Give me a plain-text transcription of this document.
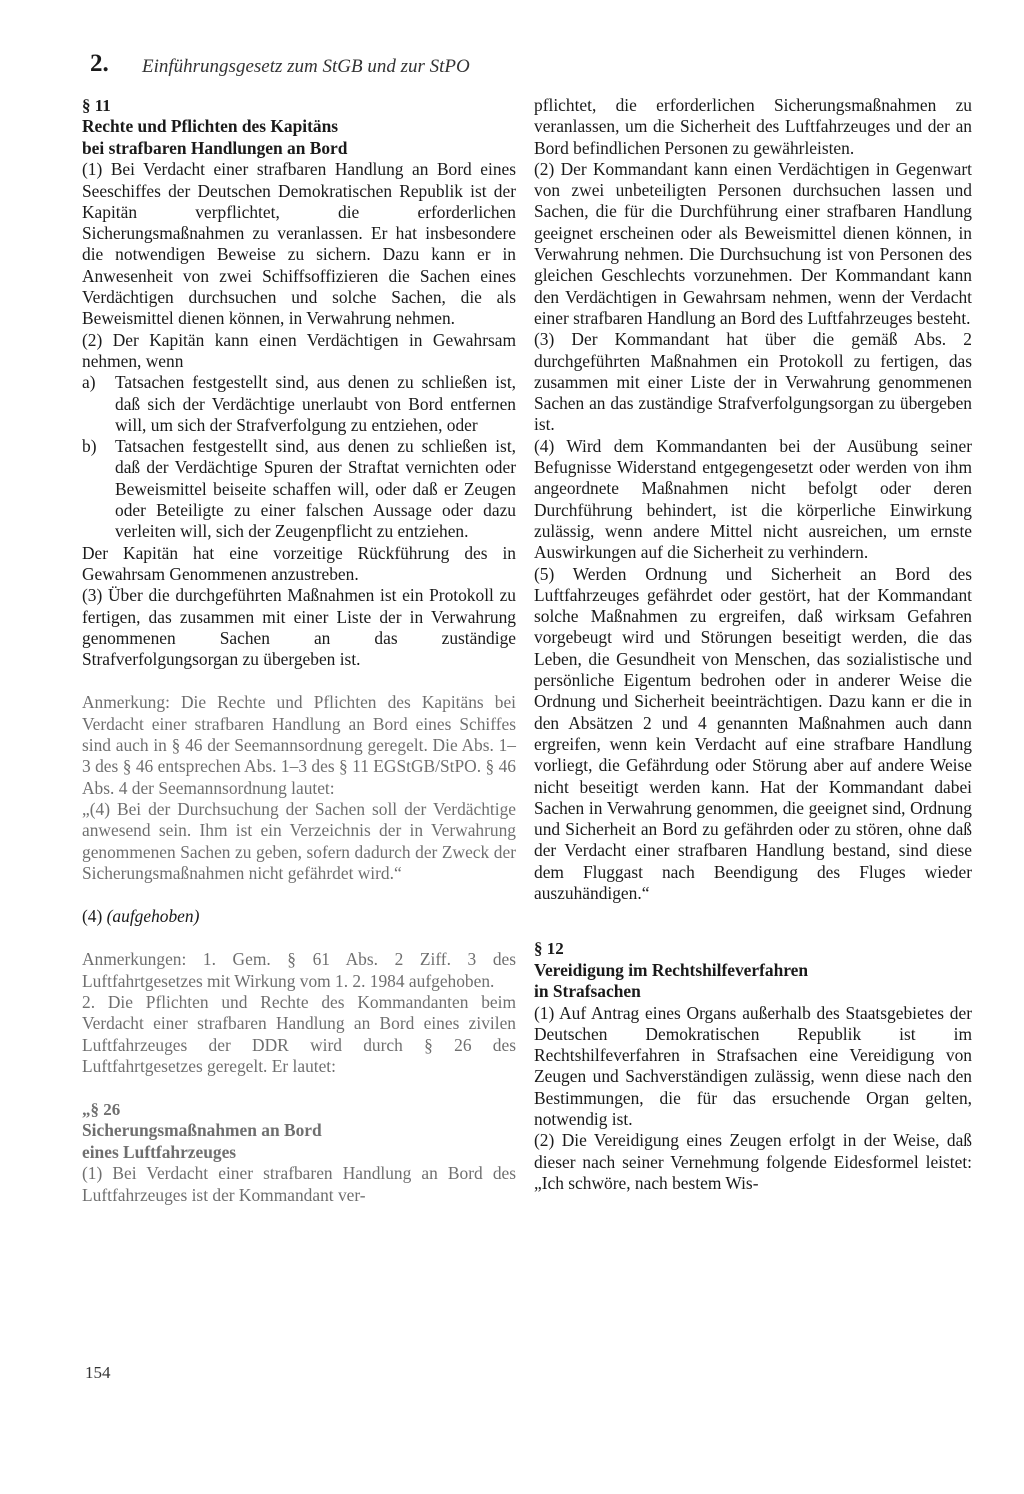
2. Einführungsgesetz zum StGB und zur StPO

§ 11

Rechte und Pflichten des Kapitäns

bei strafbaren Handlungen an Bord

(1) Bei Verdacht einer strafbaren Handlung an Bord eines Seeschiffes der Deutschen Demokratischen Republik ist der Kapitän verpflichtet, die erforderlichen Sicherungsmaßnahmen zu veranlassen. Er hat insbesondere die notwendigen Beweise zu sichern. Dazu kann er in Anwesenheit von zwei Schiffsoffizieren die Sachen eines Verdächtigen durchsuchen und solche Sachen, die als Beweismittel dienen können, in Verwahrung nehmen.

(2) Der Kapitän kann einen Verdächtigen in Gewahrsam nehmen, wenn

a) Tatsachen festgestellt sind, aus denen zu schließen ist, daß sich der Verdächtige unerlaubt von Bord entfernen will, um sich der Strafverfolgung zu entziehen, oder

b) Tatsachen festgestellt sind, aus denen zu schließen ist, daß der Verdächtige Spuren der Straftat vernichten oder Beweismittel beiseite schaffen will, oder daß er Zeugen oder Beteiligte zu einer falschen Aussage oder dazu verleiten will, sich der Zeugenpflicht zu entziehen.

Der Kapitän hat eine vorzeitige Rückführung des in Gewahrsam Genommenen anzustreben.

(3) Über die durchgeführten Maßnahmen ist ein Protokoll zu fertigen, das zusammen mit einer Liste der in Verwahrung genommenen Sachen an das zuständige Strafverfolgungsorgan zu übergeben ist.

Anmerkung: Die Rechte und Pflichten des Kapitäns bei Verdacht einer strafbaren Handlung an Bord eines Schiffes sind auch in § 46 der Seemannsordnung geregelt. Die Abs. 1–3 des § 46 entsprechen Abs. 1–3 des § 11 EGStGB/StPO. § 46 Abs. 4 der Seemannsordnung lautet:

„(4) Bei der Durchsuchung der Sachen soll der Verdächtige anwesend sein. Ihm ist ein Verzeichnis der in Verwahrung genommenen Sachen zu geben, sofern dadurch der Zweck der Sicherungsmaßnahmen nicht gefährdet wird.“

(4) (aufgehoben)

Anmerkungen: 1. Gem. § 61 Abs. 2 Ziff. 3 des Luftfahrtgesetzes mit Wirkung vom 1. 2. 1984 aufgehoben.

2. Die Pflichten und Rechte des Kommandanten beim Verdacht einer strafbaren Handlung an Bord eines zivilen Luftfahrzeuges der DDR wird durch § 26 des Luftfahrtgesetzes geregelt. Er lautet:

„§ 26

Sicherungsmaßnahmen an Bord

eines Luftfahrzeuges

(1) Bei Verdacht einer strafbaren Handlung an Bord des Luftfahrzeuges ist der Kommandant ver-

pflichtet, die erforderlichen Sicherungsmaßnahmen zu veranlassen, um die Sicherheit des Luftfahrzeuges und der an Bord befindlichen Personen zu gewährleisten.

(2) Der Kommandant kann einen Verdächtigen in Gegenwart von zwei unbeteiligten Personen durchsuchen lassen und Sachen, die für die Durchführung einer strafbaren Handlung geeignet erscheinen oder als Beweismittel dienen können, in Verwahrung nehmen. Die Durchsuchung ist von Personen des gleichen Geschlechts vorzunehmen. Der Kommandant kann den Verdächtigen in Gewahrsam nehmen, wenn der Verdacht einer strafbaren Handlung an Bord des Luftfahrzeuges besteht.

(3) Der Kommandant hat über die gemäß Abs. 2 durchgeführten Maßnahmen ein Protokoll zu fertigen, das zusammen mit einer Liste der in Verwahrung genommenen Sachen an das zuständige Strafverfolgungsorgan zu übergeben ist.

(4) Wird dem Kommandanten bei der Ausübung seiner Befugnisse Widerstand entgegengesetzt oder werden von ihm angeordnete Maßnahmen nicht befolgt oder deren Durchführung behindert, ist die körperliche Einwirkung zulässig, wenn andere Mittel nicht ausreichen, um ernste Auswirkungen auf die Sicherheit zu verhindern.

(5) Werden Ordnung und Sicherheit an Bord des Luftfahrzeuges gefährdet oder gestört, hat der Kommandant solche Maßnahmen zu ergreifen, daß wirksam Gefahren vorgebeugt wird und Störungen beseitigt werden, die das Leben, die Gesundheit von Menschen, das sozialistische und persönliche Eigentum bedrohen oder in anderer Weise die Ordnung und Sicherheit beeinträchtigen. Dazu kann er die in den Absätzen 2 und 4 genannten Maßnahmen auch dann ergreifen, wenn kein Verdacht auf eine strafbare Handlung vorliegt, die Gefährdung oder Störung aber auf andere Weise nicht beseitigt werden kann. Hat der Kommandant dabei Sachen in Verwahrung genommen, die geeignet sind, Ordnung und Sicherheit an Bord zu gefährden oder zu stören, ohne daß der Verdacht einer strafbaren Handlung bestand, sind diese dem Fluggast nach Beendigung des Fluges wieder auszuhändigen.“

§ 12

Vereidigung im Rechtshilfeverfahren

in Strafsachen

(1) Auf Antrag eines Organs außerhalb des Staatsgebietes der Deutschen Demokratischen Republik ist im Rechtshilfeverfahren in Strafsachen eine Vereidigung von Zeugen und Sachverständigen zulässig, wenn diese nach den Bestimmungen, die für das ersuchende Organ gelten, notwendig ist.

(2) Die Vereidigung eines Zeugen erfolgt in der Weise, daß dieser nach seiner Vernehmung folgende Eidesformel leistet: „Ich schwöre, nach bestem Wis-

154
